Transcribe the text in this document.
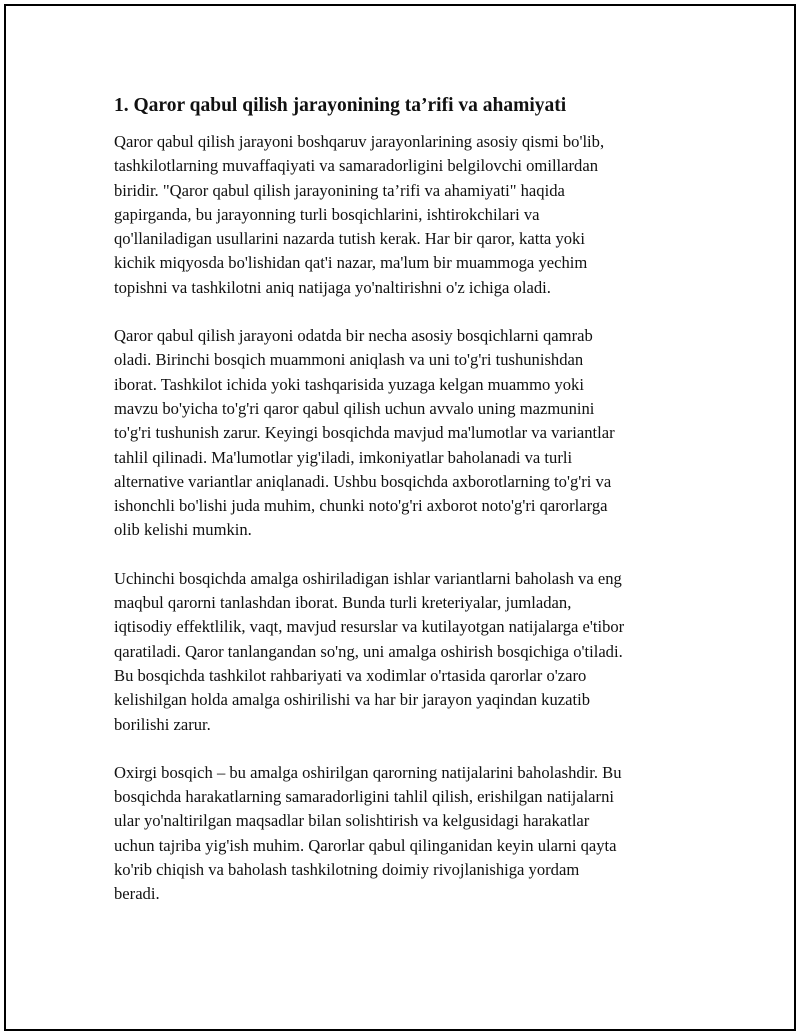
1. Qaror qabul qilish jarayonining ta’rifi va ahamiyati
Qaror qabul qilish jarayoni boshqaruv jarayonlarining asosiy qismi bo'lib,
tashkilotlarning muvaffaqiyati va samaradorligini belgilovchi omillardan
biridir. "Qaror qabul qilish jarayonining ta’rifi va ahamiyati" haqida
gapirganda, bu jarayonning turli bosqichlarini, ishtirokchilari va
qo'llaniladigan usullarini nazarda tutish kerak. Har bir qaror, katta yoki
kichik miqyosda bo'lishidan qat'i nazar, ma'lum bir muammoga yechim
topishni va tashkilotni aniq natijaga yo'naltirishni o'z ichiga oladi.
Qaror qabul qilish jarayoni odatda bir necha asosiy bosqichlarni qamrab
oladi. Birinchi bosqich muammoni aniqlash va uni to'g'ri tushunishdan
iborat. Tashkilot ichida yoki tashqarisida yuzaga kelgan muammo yoki
mavzu bo'yicha to'g'ri qaror qabul qilish uchun avvalo uning mazmunini
to'g'ri tushunish zarur. Keyingi bosqichda mavjud ma'lumotlar va variantlar
tahlil qilinadi. Ma'lumotlar yig'iladi, imkoniyatlar baholanadi va turli
alternative variantlar aniqlanadi. Ushbu bosqichda axborotlarning to'g'ri va
ishonchli bo'lishi juda muhim, chunki noto'g'ri axborot noto'g'ri qarorlarga
olib kelishi mumkin.
Uchinchi bosqichda amalga oshiriladigan ishlar variantlarni baholash va eng
maqbul qarorni tanlashdan iborat. Bunda turli kreteriyalar, jumladan,
iqtisodiy effektlilik, vaqt, mavjud resurslar va kutilayotgan natijalarga e'tibor
qaratiladi. Qaror tanlangandan so'ng, uni amalga oshirish bosqichiga o'tiladi.
Bu bosqichda tashkilot rahbariyati va xodimlar o'rtasida qarorlar o'zaro
kelishilgan holda amalga oshirilishi va har bir jarayon yaqindan kuzatib
borilishi zarur.
Oxirgi bosqich – bu amalga oshirilgan qarorning natijalarini baholashdir. Bu
bosqichda harakatlarning samaradorligini tahlil qilish, erishilgan natijalarni
ular yo'naltirilgan maqsadlar bilan solishtirish va kelgusidagi harakatlar
uchun tajriba yig'ish muhim. Qarorlar qabul qilinganidan keyin ularni qayta
ko'rib chiqish va baholash tashkilotning doimiy rivojlanishiga yordam
beradi.
